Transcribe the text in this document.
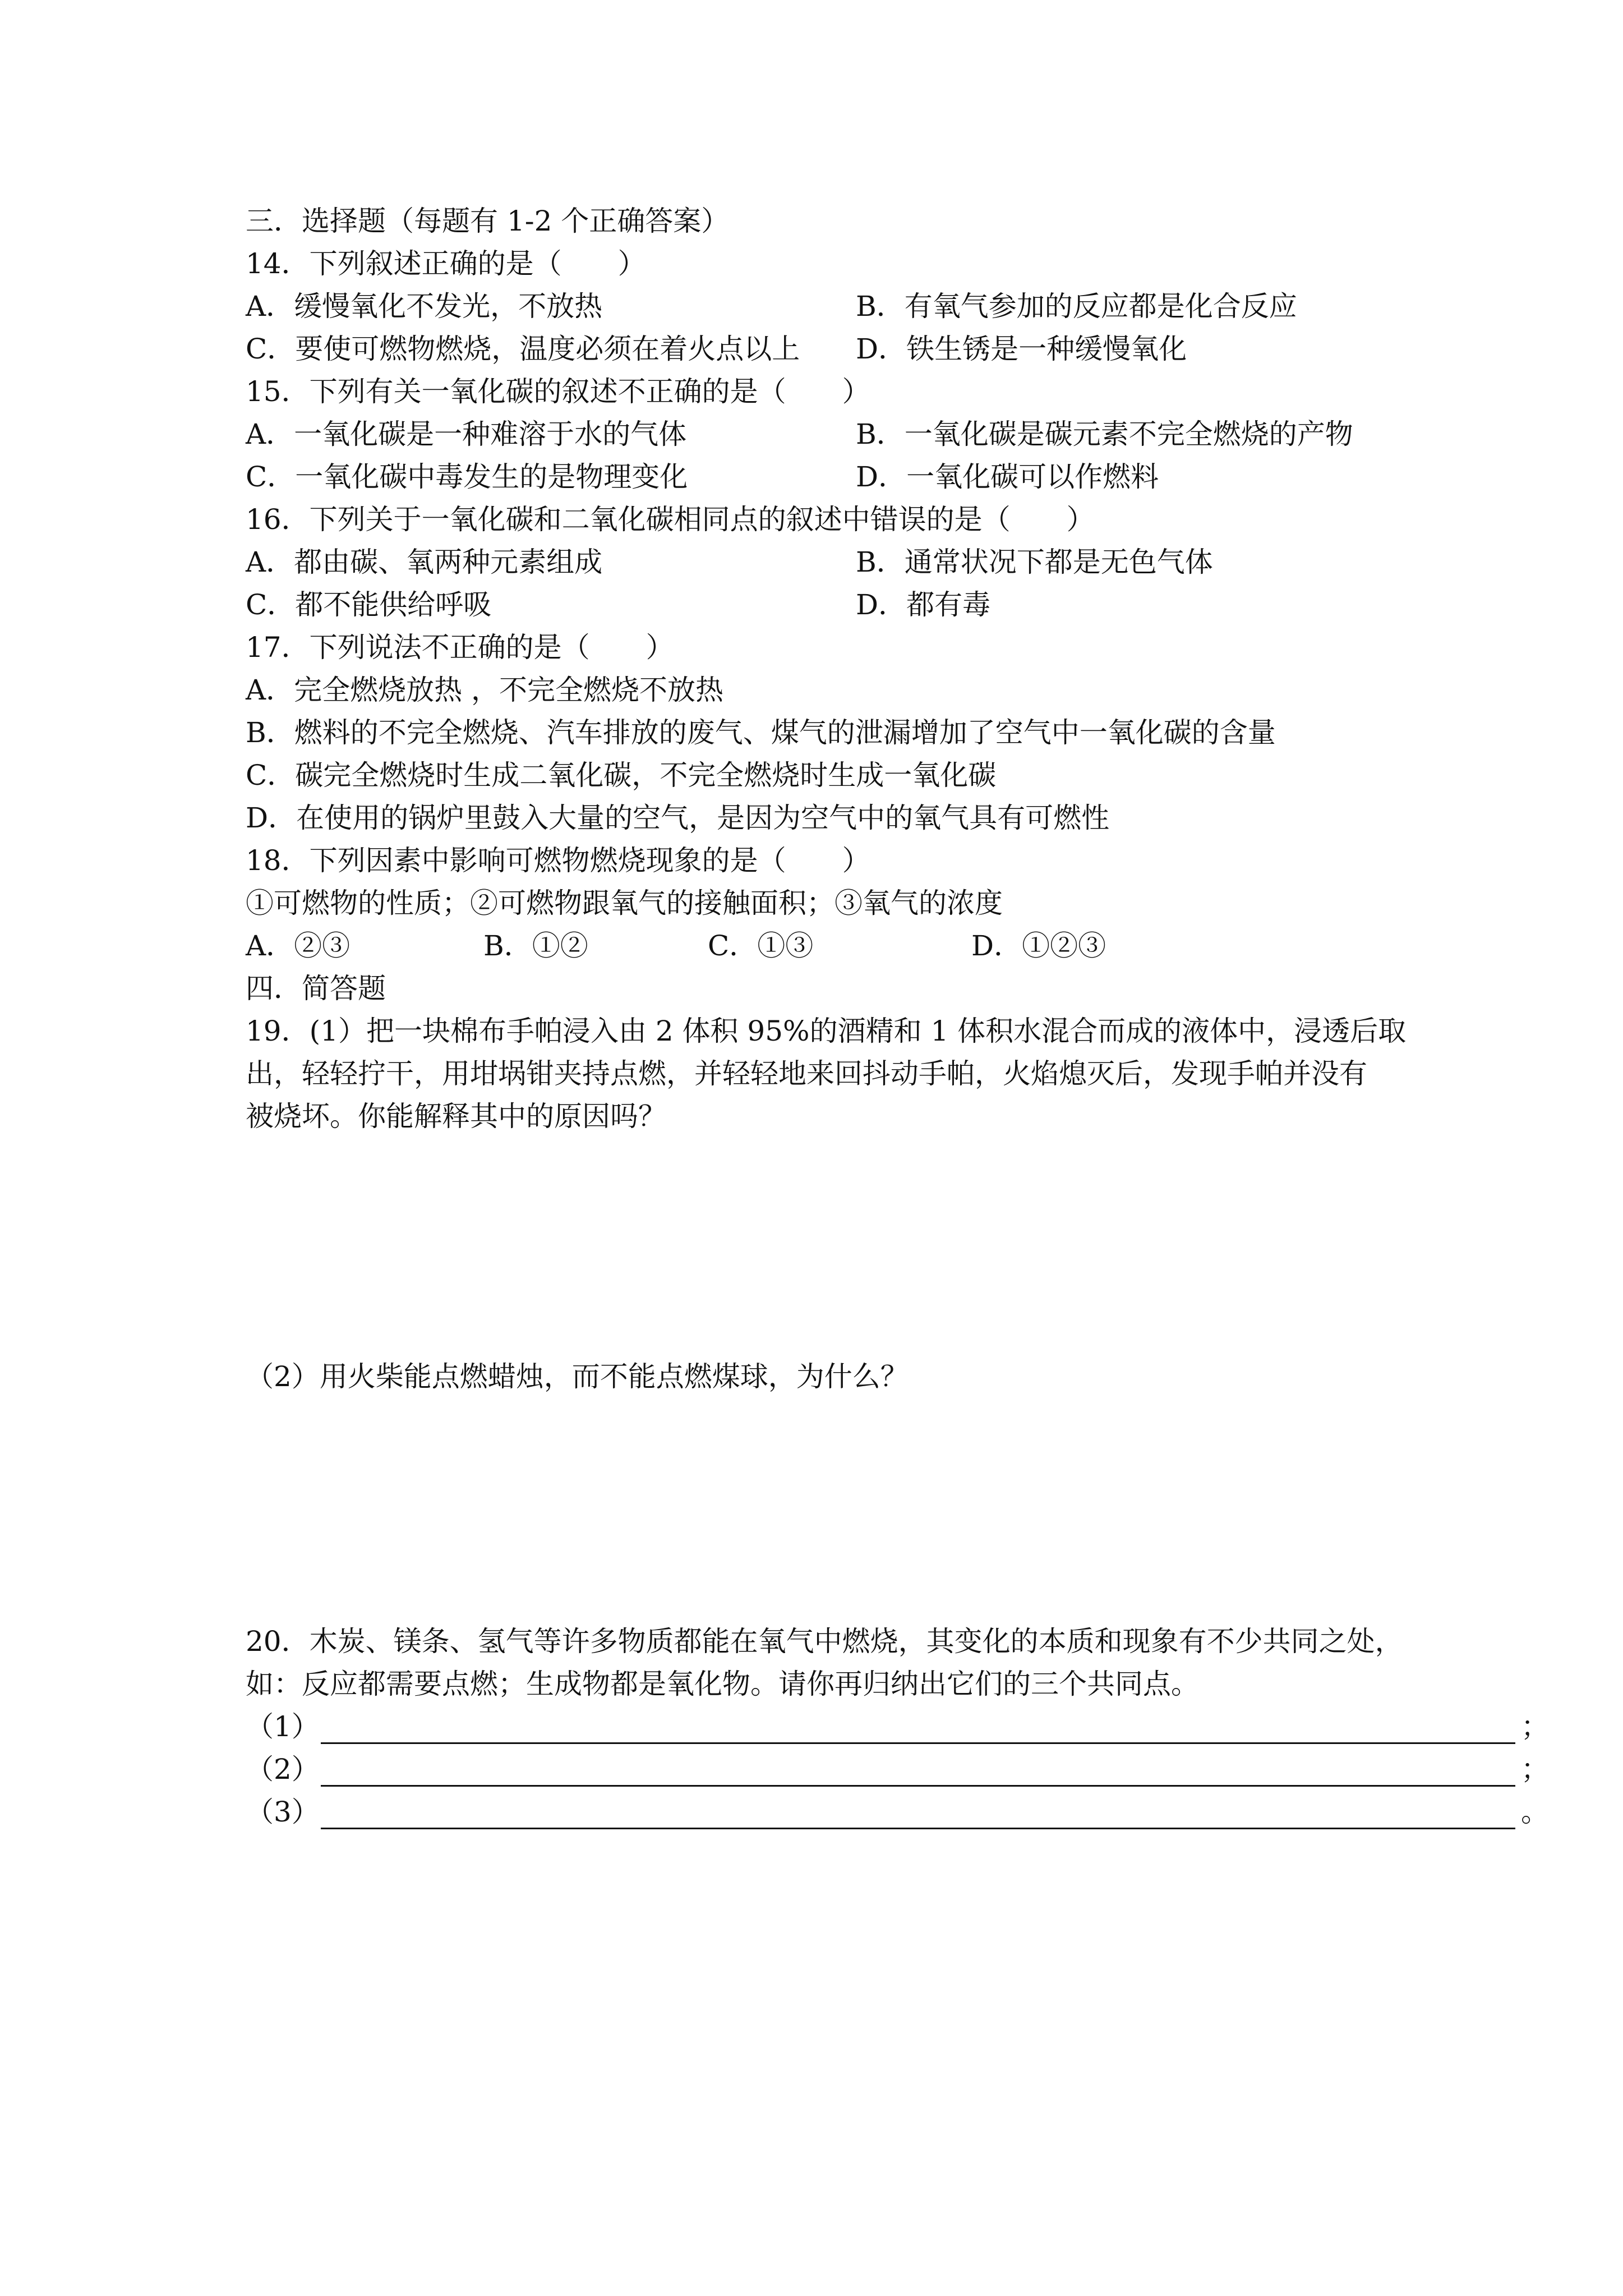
三．选择题（每题有 1-2 个正确答案）
14．下列叙述正确的是（　　）
A．缓慢氧化不发光，不放热	B．有氧气参加的反应都是化合反应
C．要使可燃物燃烧，温度必须在着火点以上 D．铁生锈是一种缓慢氧化
15．下列有关一氧化碳的叙述不正确的是（　　）
A．一氧化碳是一种难溶于水的气体	B．一氧化碳是碳元素不完全燃烧的产物
C．一氧化碳中毒发生的是物理变化	D．一氧化碳可以作燃料
16．下列关于一氧化碳和二氧化碳相同点的叙述中错误的是（　　）
A．都由碳、氧两种元素组成	B．通常状况下都是无色气体
C．都不能供给呼吸	D．都有毒
17．下列说法不正确的是（　　）
A．完全燃烧放热 ，不完全燃烧不放热
B．燃料的不完全燃烧、汽车排放的废气、煤气的泄漏增加了空气中一氧化碳的含量
C．碳完全燃烧时生成二氧化碳，不完全燃烧时生成一氧化碳
D．在使用的锅炉里鼓入大量的空气，是因为空气中的氧气具有可燃性
18．下列因素中影响可燃物燃烧现象的是（　　）
①可燃物的性质；②可燃物跟氧气的接触面积；③氧气的浓度
A．②③	B．①②	C．①③	D．①②③
四．简答题
19．(1）把一块棉布手帕浸入由 2 体积 95%的酒精和 1 体积水混合而成的液体中，浸透后取
出，轻轻拧干，用坩埚钳夹持点燃，并轻轻地来回抖动手帕，火焰熄灭后，发现手帕并没有
被烧坏。你能解释其中的原因吗？
（2）用火柴能点燃蜡烛，而不能点燃煤球，为什么？
20．木炭、镁条、氢气等许多物质都能在氧气中燃烧，其变化的本质和现象有不少共同之处，
如：反应都需要点燃；生成物都是氧化物。请你再归纳出它们的三个共同点。
（1）	；
（2）	；
（3）	。
